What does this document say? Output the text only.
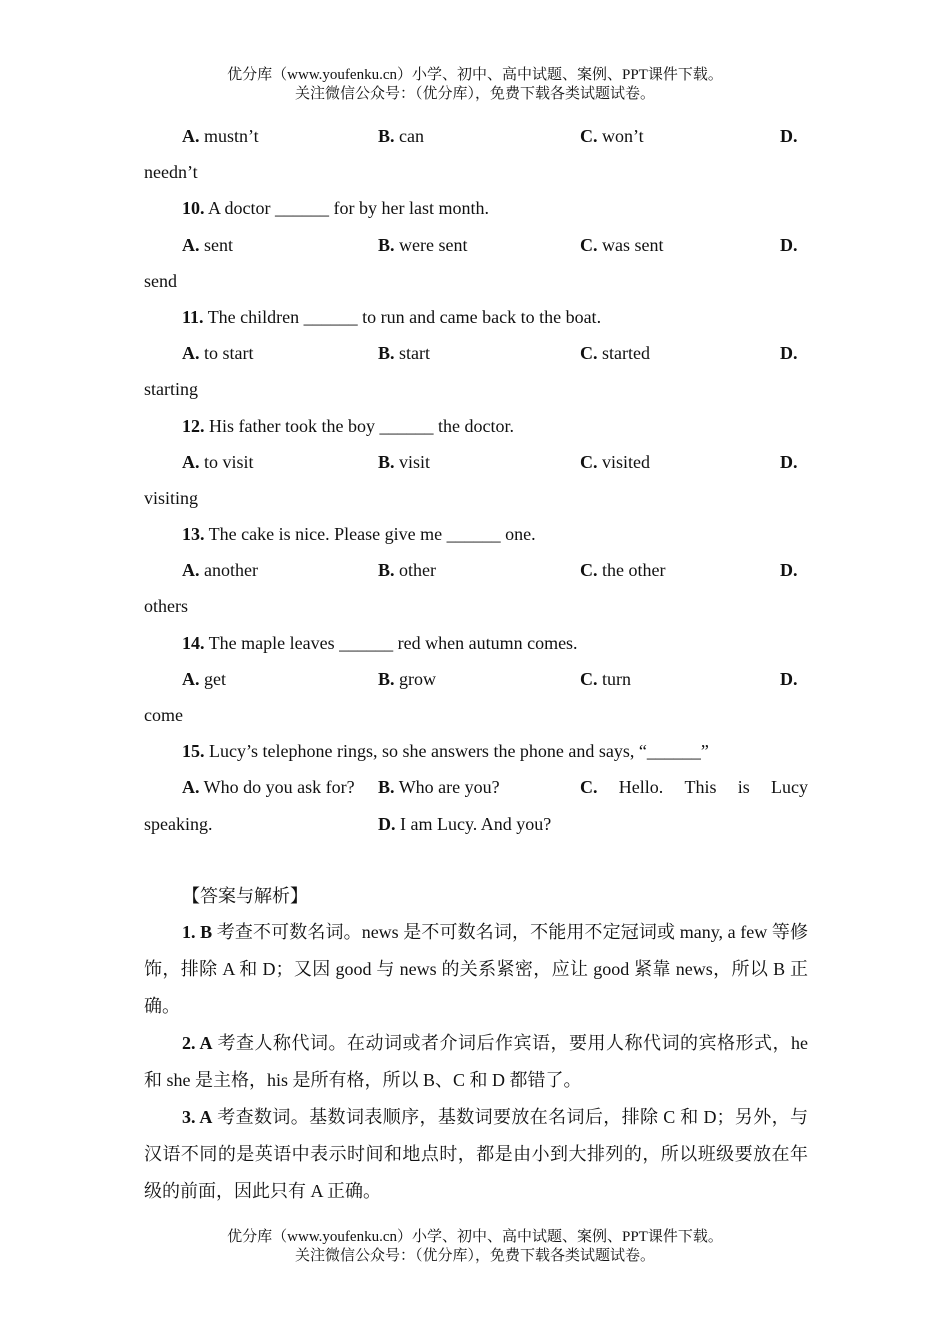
优分库（www.youfenku.cn）小学、初中、高中试题、案例、PPT课件下载。
关注微信公众号：（优分库），免费下载各类试题试卷。
A. mustn’t	B. can	C. won’t	D.
needn’t
10. A doctor ______ for by her last month.
A. sent	B. were sent	C. was sent	D.
send
11. The children ______ to run and came back to the boat.
A. to start	B. start	C. started	D.
starting
12. His father took the boy ______ the doctor.
A. to visit	B. visit	C. visited	D.
visiting
13. The cake is nice. Please give me ______ one.
A. another	B. other	C. the other	D.
others
14. The maple leaves ______ red when autumn comes.
A. get	B. grow	C. turn	D.
come
15. Lucy’s telephone rings, so she answers the phone and says, “______”
A. Who do you ask for? B. Who are you?	C. Hello. This is Lucy
speaking.	D. I am Lucy. And you?
【答案与解析】

1. B 考查不可数名词。news 是不可数名词，不能用不定冠词或 many, a few 等修饰，排除 A 和 D；又因 good 与 news 的关系紧密，应让 good 紧靠 news，所以 B 正确。

2. A 考查人称代词。在动词或者介词后作宾语，要用人称代词的宾格形式，he 和 she 是主格，his 是所有格，所以 B、C 和 D 都错了。

3. A 考查数词。基数词表顺序，基数词要放在名词后，排除 C 和 D；另外，与汉语不同的是英语中表示时间和地点时，都是由小到大排列的，所以班级要放在年级的前面，因此只有 A 正确。

优分库（www.youfenku.cn）小学、初中、高中试题、案例、PPT课件下载。
关注微信公众号：（优分库），免费下载各类试题试卷。
